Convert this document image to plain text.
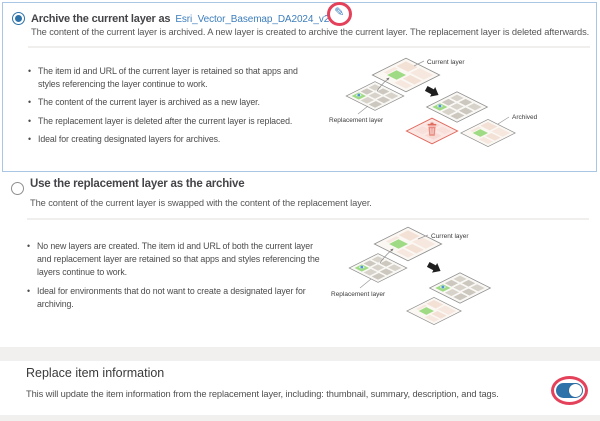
Archive the current layer as Esri_Vector_Basemap_DA2024_v2
✎
The content of the current layer is archived. A new layer is created to archive the current layer. The replacement layer is deleted afterwards.
• The item id and URL of the current layer is retained so that apps and styles referencing the layer continue to work.
• The content of the current layer is archived as a new layer.
• The replacement layer is deleted after the current layer is replaced.
• Ideal for creating designated layers for archives.
Current layer
Replacement layer	Archived
Use the replacement layer as the archive
The content of the current layer is swapped with the content of the replacement layer.
• No new layers are created. The item id and URL of both the current layer and replacement layer are retained so that apps and styles referencing the layers continue to work.
• Ideal for environments that do not want to create a designated layer for archiving.
Current layer
Replacement layer
Replace item information
This will update the item information from the replacement layer, including: thumbnail, summary, description, and tags.
